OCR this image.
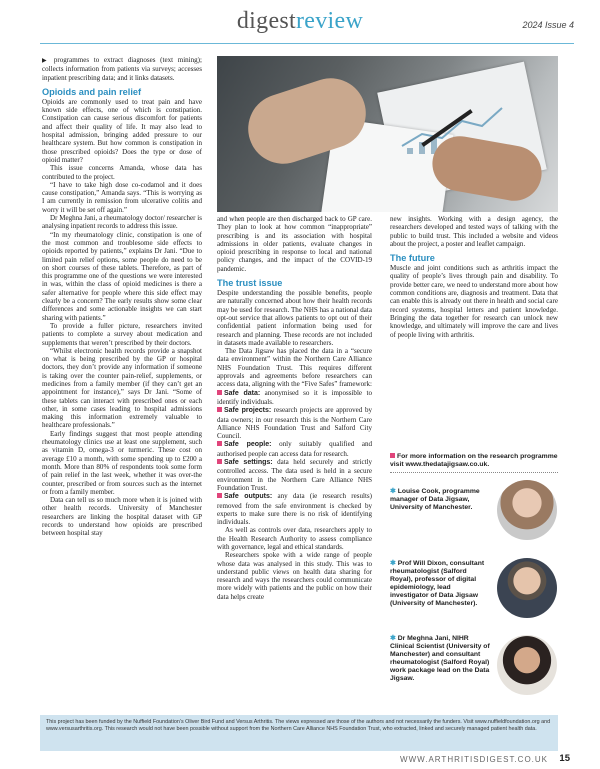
digestreview	2024 Issue 4

▶ programmes to extract diagnoses (text mining); collects information from patients via surveys; accesses inpatient prescribing data; and it links datasets.

Opioids and pain relief

Opioids are commonly used to treat pain and have known side effects, one of which is constipation. Constipation can cause serious discomfort for patients and affect their quality of life. It may also lead to hospital admission, bringing added pressure to our healthcare system. But how common is constipation in those prescribed opioids? Does the type or dose of opioid matter?

This issue concerns Amanda, whose data has contributed to the project.

“I have to take high dose co-codamol and it does cause constipation,” Amanda says. “This is worrying as I am currently in remission from ulcerative colitis and worry it will be set off again.”

Dr Meghna Jani, a rheumatology doctor/ researcher is analysing inpatient records to address this issue.

“In my rheumatology clinic, constipation is one of the most common and troublesome side effects to opioids reported by patients,” explains Dr Jani. “Due to limited pain relief options, some people do need to be on short courses of these tablets. Therefore, as part of this programme one of the questions we were interested in was, within the class of opioid medicines is there a safer alternative for people where this side effect may clearly be a concern? The early results show some clear differences and some actionable insights we can start sharing with patients.”

To provide a fuller picture, researchers invited patients to complete a survey about medication and supplements that weren’t prescribed by their doctors.

“Whilst electronic health records provide a snapshot on what is being prescribed by the GP or hospital doctors, they don’t provide any information if someone is taking over the counter pain-relief, supplements, or medicines from a family member (if they can’t get an appointment for instance),” says Dr Jani. “Some of these tablets can interact with prescribed ones or each other, in some cases leading to hospital admissions making this information extremely valuable to healthcare professionals.”

Early findings suggest that most people attending rheumatology clinics use at least one supplement, such as vitamin D, omega-3 or turmeric. These cost on average £10 a month, with some spending up to £200 a month. More than 80% of respondents took some form of pain relief in the last week, whether it was over-the counter, prescribed or from sources such as the internet or from a family member.

Data can tell us so much more when it is joined with other health records. University of Manchester researchers are linking the hospital dataset with GP records to understand how opioids are prescribed between hospital stay

and when people are then discharged back to GP care. They plan to look at how common “inappropriate” prescribing is and its association with hospital admissions in older patients, evaluate changes in opioid prescribing in response to local and national policy changes, and the impact of the COVID-19 pandemic.

The trust issue

Despite understanding the possible benefits, people are naturally concerned about how their health records may be used for research. The NHS has a national data opt-out service that allows patients to opt out of their confidential patient information being used for research and planning. These records are not included in datasets made available to researchers.

The Data Jigsaw has placed the data in a “secure data environment” within the Northern Care Alliance NHS Foundation Trust. This requires different approvals and agreements before researchers can access data, aligning with the “Five Safes” framework:

Safe data: anonymised so it is impossible to identify individuals.

Safe projects: research projects are approved by data owners; in our research this is the Northern Care Alliance NHS Foundation Trust and Salford City Council.

Safe people: only suitably qualified and authorised people can access data for research.

Safe settings: data held securely and strictly controlled access. The data used is held in a secure environment in the Northern Care Alliance NHS Foundation Trust.

Safe outputs: any data (ie research results) removed from the safe environment is checked by experts to make sure there is no risk of identifying individuals.

As well as controls over data, researchers apply to the Health Research Authority to assess compliance with governance, legal and ethical standards.

Researchers spoke with a wide range of people whose data was analysed in this study. This was to understand public views on health data sharing for research and ways the researchers could communicate more widely with patients and the public on how their data helps create

new insights. Working with a design agency, the researchers developed and tested ways of talking with the public to build trust. This included a website and videos about the project, a poster and leaflet campaign.

The future

Muscle and joint conditions such as arthritis impact the quality of people’s lives through pain and disability. To provide better care, we need to understand more about how common conditions are, diagnosis and treatment. Data that can enable this is already out there in health and social care record systems, hospital letters and patient knowledge. Bringing the data together for research can unlock new knowledge, and ultimately will improve the care and lives of people living with arthritis.

For more information on the research programme visit www.thedatajigsaw.co.uk.
✱ Louise Cook, programme manager of Data Jigsaw, University of Manchester.
✱ Prof Will Dixon, consultant rheumatologist (Salford Royal), professor of digital epidemiology, lead investigator of Data Jigsaw (University of Manchester).
✱ Dr Meghna Jani, NIHR Clinical Scientist (University of Manchester) and consultant rheumatologist (Salford Royal) work package lead on the Data Jigsaw.
This project has been funded by the Nuffield Foundation’s Oliver Bird Fund and Versus Arthritis. The views expressed are those of the authors and not necessarily the funders. Visit www.nuffieldfoundation.org and www.versusarthritis.org. This research would not have been possible without support from the Northern Care Alliance NHS Foundation Trust, who extracted, linked and securely managed patient health data.
WWW.ARTHRITISDIGEST.CO.UK 15
